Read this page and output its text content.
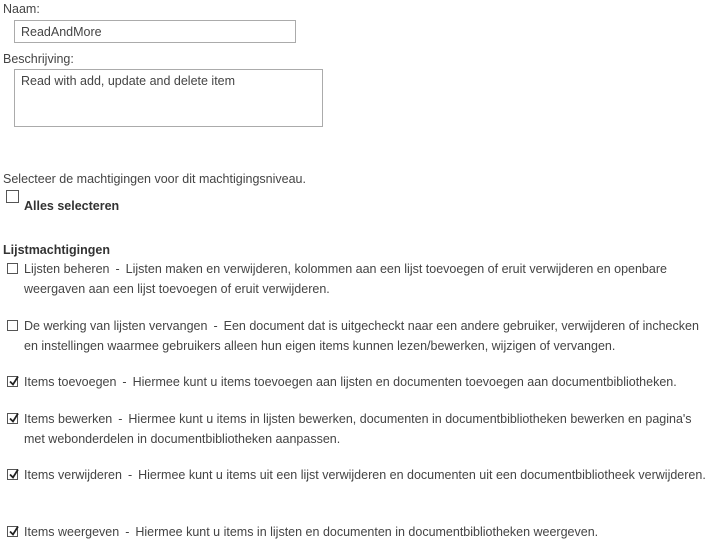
Naam:
ReadAndMore
Beschrijving:
Read with add, update and delete item
Selecteer de machtigingen voor dit machtigingsniveau.
Alles selecteren
Lijstmachtigingen
Lijsten beheren - Lijsten maken en verwijderen, kolommen aan een lijst toevoegen of eruit verwijderen en openbare weergaven aan een lijst toevoegen of eruit verwijderen.
De werking van lijsten vervangen - Een document dat is uitgecheckt naar een andere gebruiker, verwijderen of inchecken en instellingen waarmee gebruikers alleen hun eigen items kunnen lezen/bewerken, wijzigen of vervangen.
Items toevoegen - Hiermee kunt u items toevoegen aan lijsten en documenten toevoegen aan documentbibliotheken.
Items bewerken - Hiermee kunt u items in lijsten bewerken, documenten in documentbibliotheken bewerken en pagina's met webonderdelen in documentbibliotheken aanpassen.
Items verwijderen - Hiermee kunt u items uit een lijst verwijderen en documenten uit een documentbibliotheek verwijderen.
Items weergeven - Hiermee kunt u items in lijsten en documenten in documentbibliotheken weergeven.
